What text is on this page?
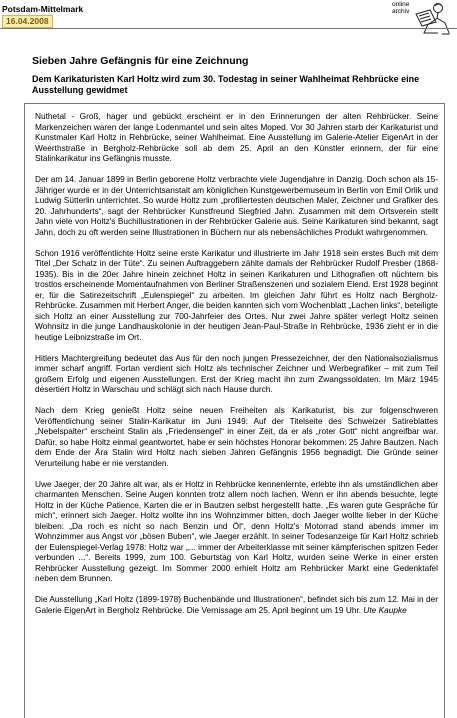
Potsdam-Mittelmark
16.04.2008
online
archiv
Sieben Jahre Gefängnis für eine Zeichnung
Dem Karikaturisten Karl Holtz wird zum 30. Todestag in seiner Wahlheimat Rehbrücke eine Ausstellung gewidmet

Nuthetal - Groß, hager und gebückt erscheint er in den Erinnerungen der alten Rehbrücker. Seine Markenzeichen waren der lange Lodenmantel und sein altes Moped. Vor 30 Jahren starb der Karikaturist und Kunstmaler Karl Holtz in Rehbrücke, seiner Wahlheimat. Eine Ausstellung im Galerie-Atelier EigenArt in der Weerthstraße in Bergholz-Rehbrücke soll ab dem 25. April an den Künstler erinnern, der für eine Stalinkarikatur ins Gefängnis musste.

Der am 14. Januar 1899 in Berlin geborene Holtz verbrachte viele Jugendjahre in Danzig. Doch schon als 15-Jähriger wurde er in der Unterrichtsanstalt am königlichen Kunstgewerbemuseum in Berlin von Emil Orlik und Ludwig Sütterlin unterrichtet. So wurde Holtz zum „profiliertesten deutschen Maler, Zeichner und Grafiker des 20. Jahrhunderts“, sagt der Rehbrücker Kunstfreund Siegfried Jahn. Zusammen mit dem Ortsverein stellt Jahn viele von Holtz's Buchillustrationen in der Rehbrücker Galerie aus. Seine Karikaturen sind bekannt, sagt Jahn, doch zu oft werden seine Illustrationen in Büchern nur als nebensächliches Produkt wahrgenommen.

Schon 1916 veröffentlichte Holtz seine erste Karikatur und illustrierte im Jahr 1918 sein erstes Buch mit dem Titel „Der Schatz in der Tüte“. Zu seinen Auftraggebern zählte damals der Rehbrücker Rudolf Presber (1868-1935). Bis in die 20er Jahre hinein zeichnet Holtz in seinen Karikaturen und Lithografien oft nüchtern bis trostlos erscheinende Momentaufnahmen von Berliner Straßenszenen und sozialem Elend. Erst 1928 beginnt er, für die Satirezeitschrift „Eulenspiegel“ zu arbeiten. Im gleichen Jahr führt es Holtz nach Bergholz-Rehbrücke. Zusammen mit Herbert Anger, die beiden kannten sich vom Wochenblatt „Lachen links“, beteiligte sich Holtz an einer Ausstellung zur 700-Jahrfeier des Ortes. Nur zwei Jahre später verlegt Holtz seinen Wohnsitz in die junge Landhauskolonie in der heutigen Jean-Paul-Straße in Rehbrücke, 1936 zieht er in die heutige Leibnizstraße im Ort.

Hitlers Machtergreifung bedeutet das Aus für den noch jungen Pressezeichner, der den Nationalsozialismus immer scharf angriff. Fortan verdient sich Holtz als technischer Zeichner und Werbegrafiker – mit zum Teil großem Erfolg und eigenen Ausstellungen. Erst der Krieg macht ihn zum Zwangssoldaten. Im März 1945 desertiert Holtz in Warschau und schlägt sich nach Hause durch.

Nach dem Krieg genießt Holtz seine neuen Freiheiten als Karikaturist, bis zur folgenschweren Veröffentlichung seiner Stalin-Karikatur im Juni 1949: Auf der Titelseite des Schweizer Satireblattes „Nebelspalter“ erscheint Stalin als „Friedensengel“ in einer Zeit, da er als „roter Gott“ nicht angreifbar war. Dafür, so habe Holtz einmal geantwortet, habe er sein höchstes Honorar bekommen: 25 Jahre Bautzen. Nach dem Ende der Ära Stalin wird Holtz nach sieben Jahren Gefängnis 1956 begnadigt. Die Gründe seiner Verurteilung habe er nie verstanden.

Uwe Jaeger, der 20 Jahre alt war, als er Holtz in Rehbrücke kennenlernte, erlebte ihn als umständlichen aber charmanten Menschen. Seine Augen konnten trotz allem noch lachen. Wenn er ihn abends besuchte, legte Holtz in der Küche Patience, Karten die er in Bautzen selbst hergestellt hatte. „Es waren gute Gespräche für mich“, erinnert sich Jaeger. Holtz wollte ihn ins Wohnzimmer bitten, doch Jaeger wollte lieber in der Küche bleiben: „Da roch es nicht so nach Benzin und Öl“, denn Holtz's Motorrad stand abends immer im Wohnzimmer aus Angst vor „bösen Buben“, wie Jaeger erzählt. In seiner Todesanzeige für Karl Holtz schrieb der Eulenspiegel-Verlag 1978: Holtz war „... immer der Arbeiterklasse mit seiner kämpferischen spitzen Feder verbunden ...“. Bereits 1999, zum 100. Geburtstag von Karl Holtz, wurden seine Werke in einer ersten Rehbrücker Ausstellung gezeigt. Im Sommer 2000 erhielt Holtz am Rehbrücker Markt eine Gedenktafel neben dem Brunnen.

Die Ausstellung „Karl Holtz (1899-1978) Buchenbände und Illustrationen“, befindet sich bis zum 12. Mai in der Galerie EigenArt in Bergholz Rehbrücke. Die Vernissage am 25. April beginnt um 19 Uhr. Ute Kaupke
